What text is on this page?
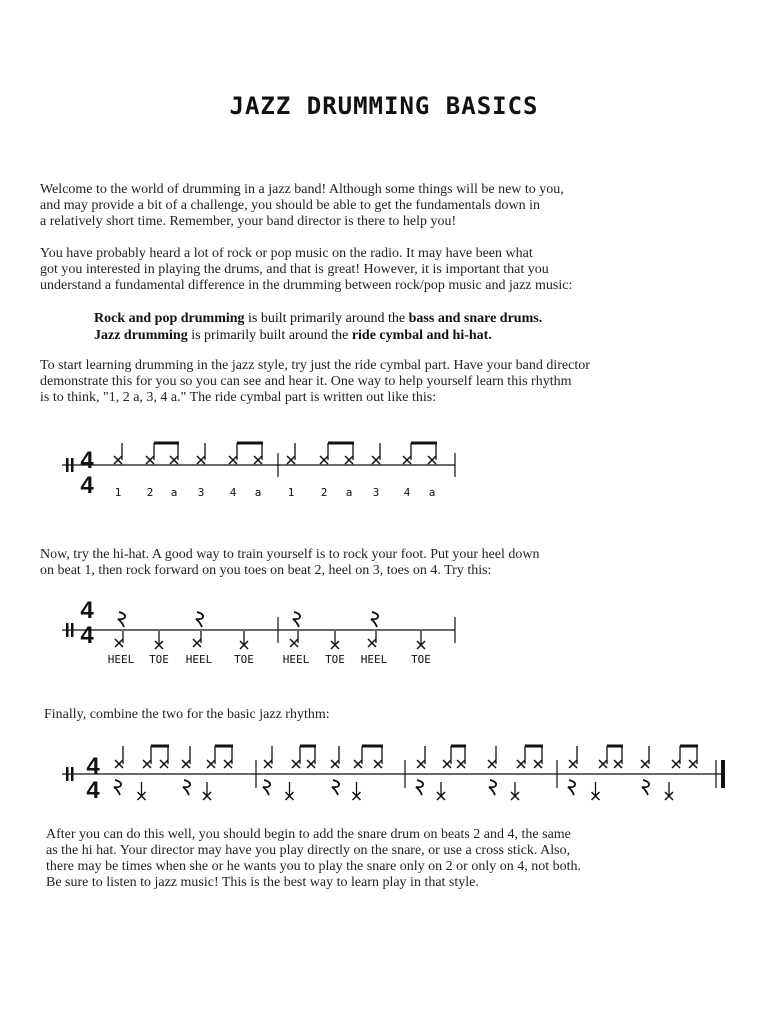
JAZZ DRUMMING BASICS
Welcome to the world of drumming in a jazz band! Although some things will be new to you,
and may provide a bit of a challenge, you should be able to get the fundamentals down in
a relatively short time. Remember, your band director is there to help you!
You have probably heard a lot of rock or pop music on the radio. It may have been what
got you interested in playing the drums, and that is great! However, it is important that you
understand a fundamental difference in the drumming between rock/pop music and jazz music:
Rock and pop drumming is built primarily around the bass and snare drums.
Jazz drumming is primarily built around the ride cymbal and hi-hat.
To start learning drumming in the jazz style, try just the ride cymbal part. Have your band director
demonstrate this for you so you can see and hear it. One way to help yourself learn this rhythm
is to think, "1, 2 a, 3, 4 a." The ride cymbal part is written out like this:
4
4 1 2 a 3 4 a 1 2 a 3 4 a
Now, try the hi-hat. A good way to train yourself is to rock your foot. Put your heel down
on beat 1, then rock forward on you toes on beat 2, heel on 3, toes on 4. Try this:
4
4
HEEL TOE HEEL TOE	HEEL TOE HEEL TOE
Finally, combine the two for the basic jazz rhythm:
4
4
After you can do this well, you should begin to add the snare drum on beats 2 and 4, the same
as the hi hat. Your director may have you play directly on the snare, or use a cross stick. Also,
there may be times when she or he wants you to play the snare only on 2 or only on 4, not both.
Be sure to listen to jazz music! This is the best way to learn play in that style.
